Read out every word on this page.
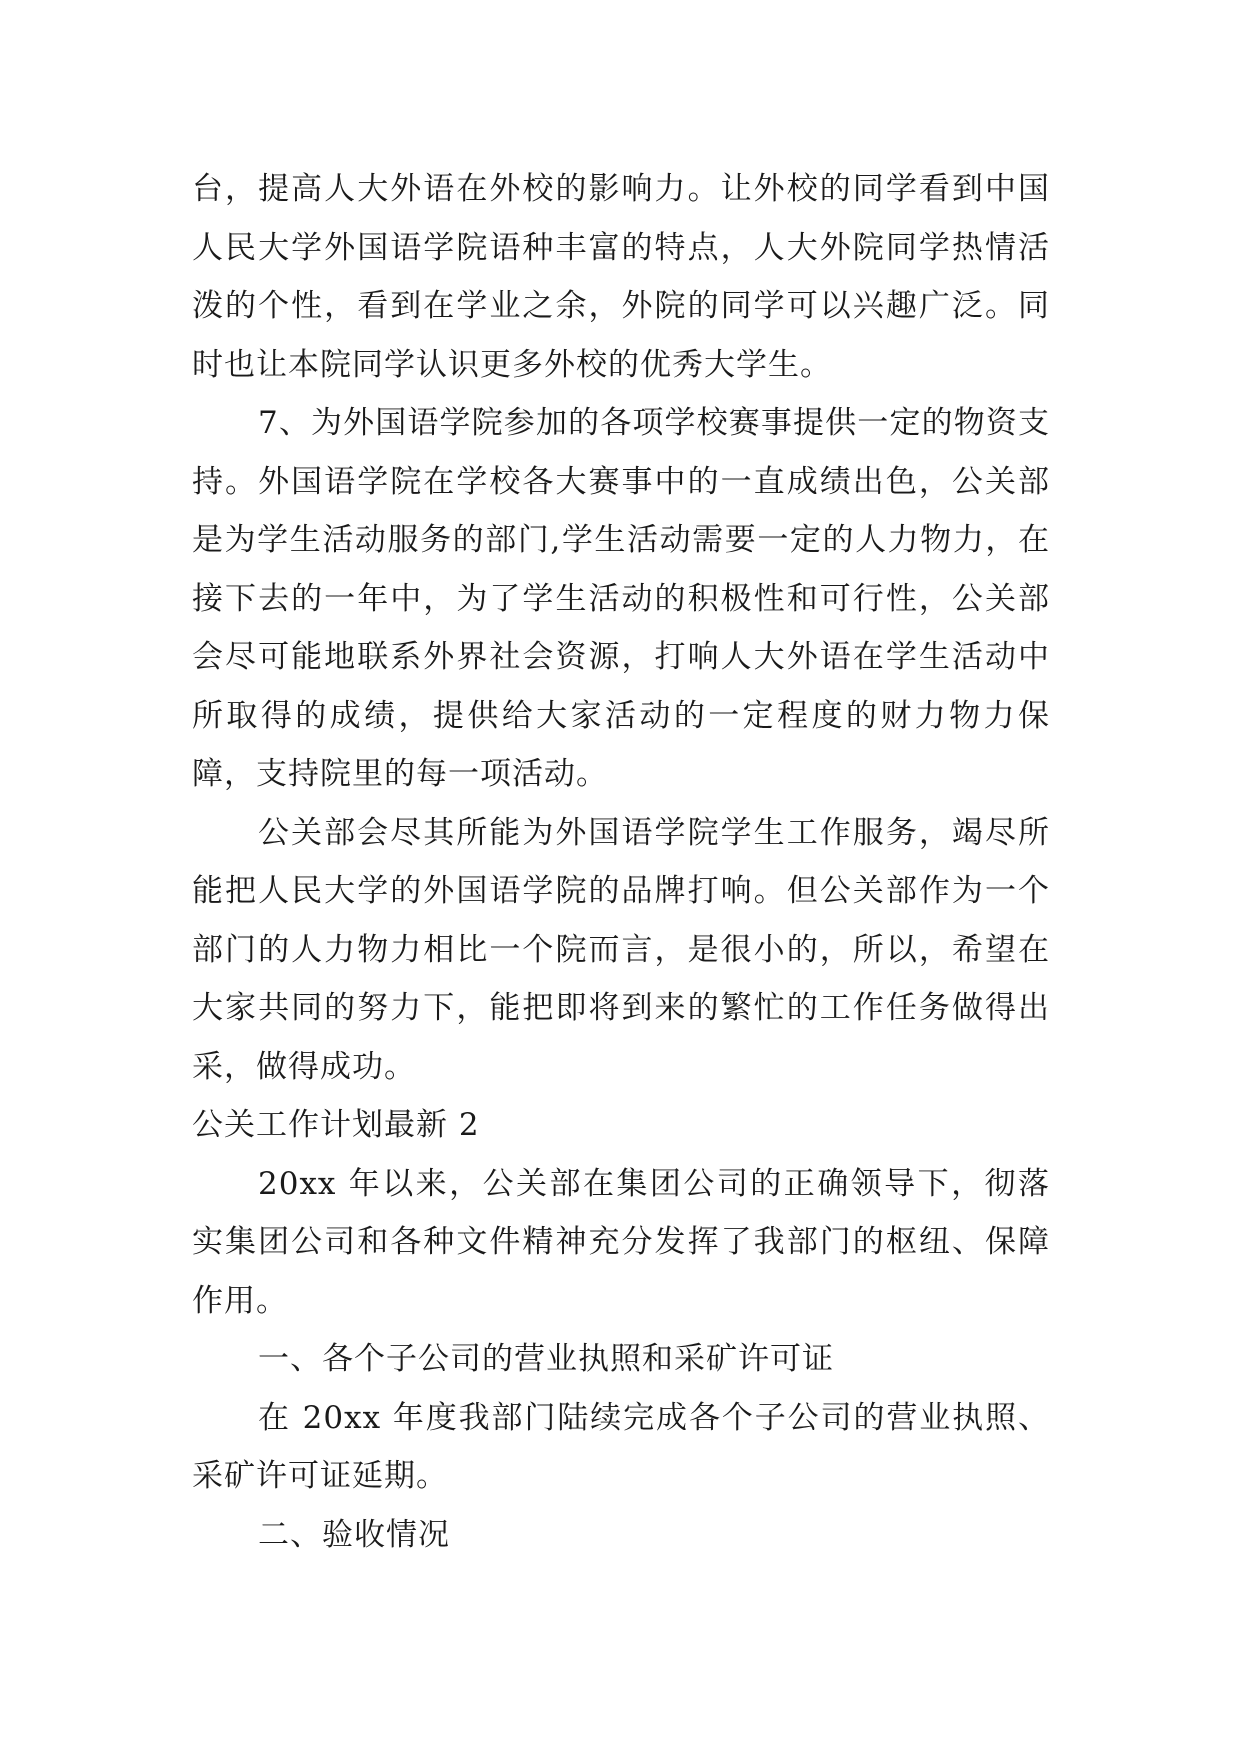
台，提高人大外语在外校的影响力。让外校的同学看到中国人民大学外国语学院语种丰富的特点，人大外院同学热情活泼的个性，看到在学业之余，外院的同学可以兴趣广泛。同时也让本院同学认识更多外校的优秀大学生。

7、为外国语学院参加的各项学校赛事提供一定的物资支持。外国语学院在学校各大赛事中的一直成绩出色，公关部是为学生活动服务的部门,学生活动需要一定的人力物力，在接下去的一年中，为了学生活动的积极性和可行性，公关部会尽可能地联系外界社会资源，打响人大外语在学生活动中所取得的成绩，提供给大家活动的一定程度的财力物力保障，支持院里的每一项活动。

公关部会尽其所能为外国语学院学生工作服务，竭尽所能把人民大学的外国语学院的品牌打响。但公关部作为一个部门的人力物力相比一个院而言，是很小的，所以，希望在大家共同的努力下，能把即将到来的繁忙的工作任务做得出采，做得成功。

公关工作计划最新 2

20xx 年以来，公关部在集团公司的正确领导下，彻落实集团公司和各种文件精神充分发挥了我部门的枢纽、保障作用。

一、各个子公司的营业执照和采矿许可证

在 20xx 年度我部门陆续完成各个子公司的营业执照、采矿许可证延期。

二、验收情况
